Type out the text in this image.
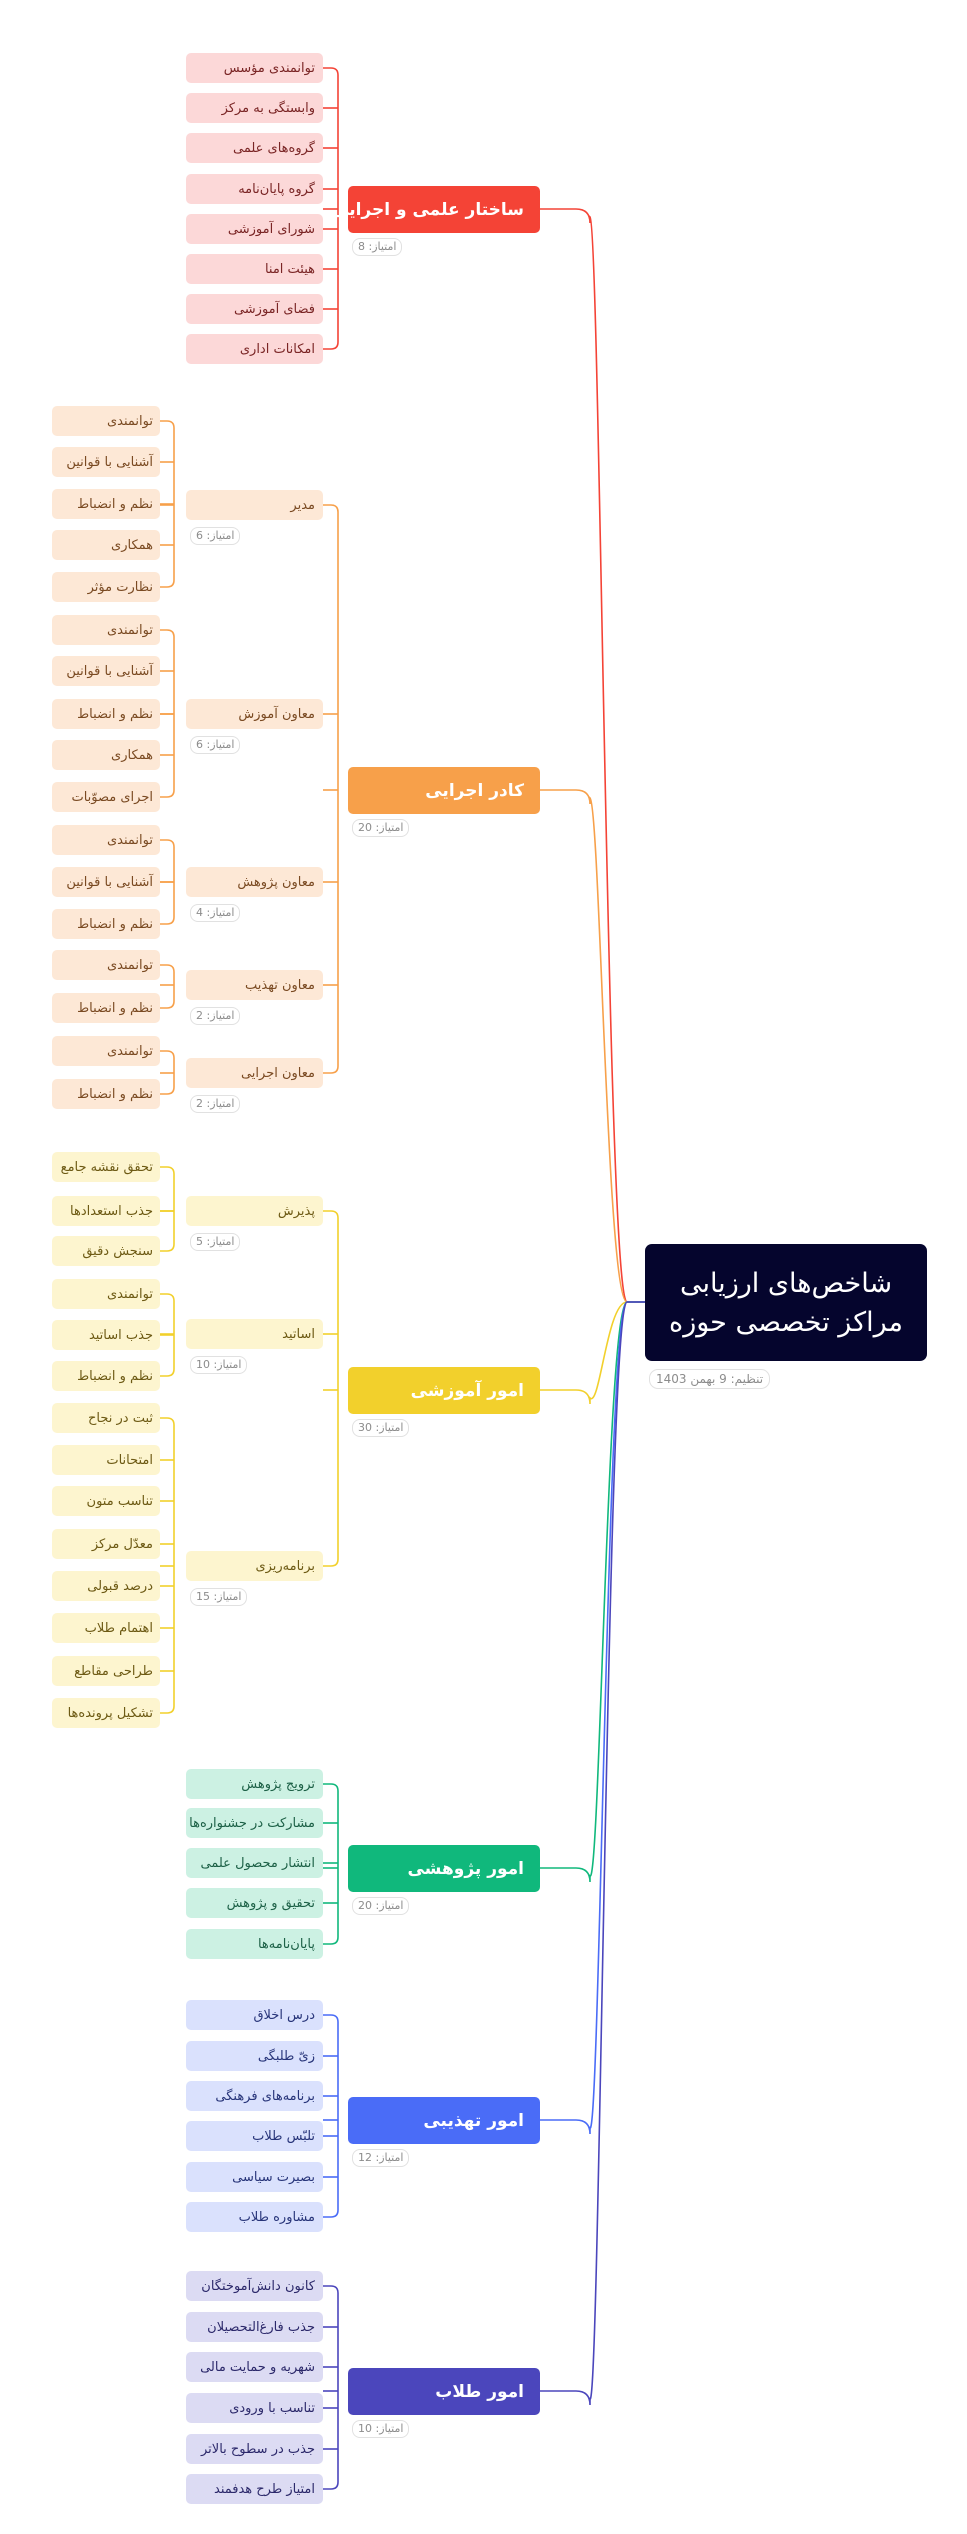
شاخص‌های ارزیابی
مراکز تخصصی حوزه
تنظیم: 9 بهمن 1403
ساختار علمی و اجرایی
امتیاز: 8
توانمندی مؤسس
وابستگی به مرکز
گروه‌های علمی
گروه پایان‌نامه
شورای آموزشی
هیئت امنا
فضای آموزشی
امکانات اداری
کادر اجرایی
امتیاز: 20
مدیر
امتیاز: 6
توانمندی
آشنایی با قوانین
نظم و انضباط
همکاری
نظارت مؤثر
معاون آموزش
امتیاز: 6
توانمندی
آشنایی با قوانین
نظم و انضباط
همکاری
اجرای مصوّبات
معاون پژوهش
امتیاز: 4
توانمندی
آشنایی با قوانین
نظم و انضباط
معاون تهذیب
امتیاز: 2
توانمندی
نظم و انضباط
معاون اجرایی
امتیاز: 2
توانمندی
نظم و انضباط
امور آموزشی
امتیاز: 30
پذیرش
امتیاز: 5
تحقق نقشه جامع
جذب استعدادها
سنجش دقیق
اساتید
امتیاز: 10
توانمندی
جذب اساتید
نظم و انضباط
برنامه‌ریزی
امتیاز: 15
ثبت در نجاح
امتحانات
تناسب متون
معدّل مرکز
درصد قبولی
اهتمام طلاب
طراحی مقاطع
تشکیل پرونده‌ها
امور پژوهشی
امتیاز: 20
ترویج پژوهش
مشارکت در جشنواره‌ها
انتشار محصول علمی
تحقیق و پژوهش
پایان‌نامه‌ها
امور تهذیبی
امتیاز: 12
درس اخلاق
زیّ طلبگی
برنامه‌های فرهنگی
تلبّس طلاب
بصیرت سیاسی
مشاوره طلاب
امور طلاب
امتیاز: 10
کانون دانش‌آموختگان
جذب فارغ‌التحصیلان
شهریه و حمایت مالی
تناسب با ورودی
جذب در سطوح بالاتر
امتیاز طرح هدفمند
